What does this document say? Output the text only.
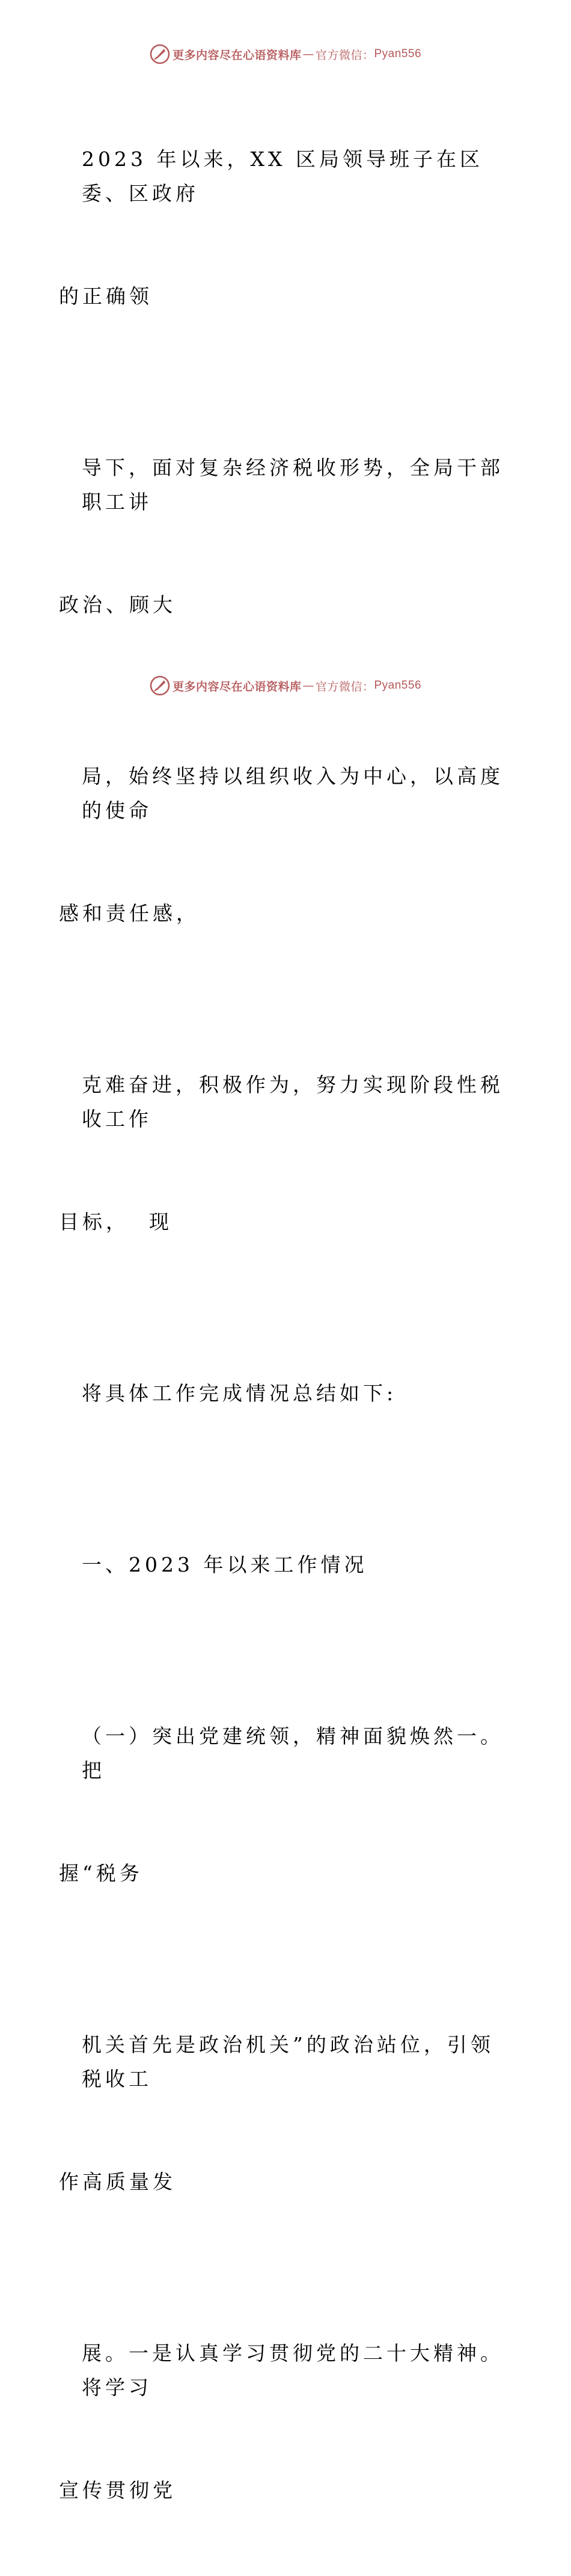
更多内容尽在心语资料库 — 官方微信： Pyan556

2023 年以来，XX 区局领导班子在区委、区政府

的正确领

导下，面对复杂经济税收形势，全局干部职工讲

政治、顾大

局，始终坚持以组织收入为中心，以高度的使命

感和责任感，

克难奋进，积极作为，努力实现阶段性税收工作

目标，  现

将具体工作完成情况总结如下:

一、2023 年以来工作情况

（一）突出党建统领，精神面貌焕然一。把

握“税务

机关首先是政治机关”的政治站位，引领税收工

作高质量发

展。一是认真学习贯彻党的二十大精神。将学习

宣传贯彻党

更多内容尽在心语资料库 — 官方微信： Pyan556
